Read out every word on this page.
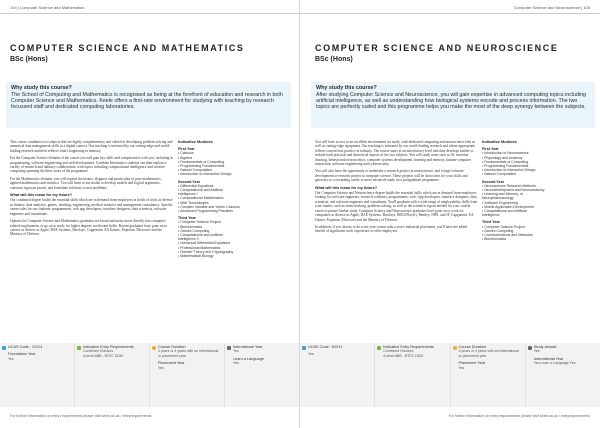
104 | Computer Science and Mathematics
COMPUTER SCIENCE AND MATHEMATICS
BSc (Hons)
Why study this course?
The School of Computing and Mathematics is recognised as being at the forefront of education and research in both Computer Science and Mathematics. Keele offers a first-rate environment for studying with teaching by research focussed staff and dedicated computing laboratories.

This course combines two subjects that are highly complementary and valued at developing problem solving and numerical data management skills in a digital context. Our teaching is informed by our cutting-edge and world-leading research and their reflects what's happening in industry.

For the Computer Science element of the course you will gain key skills and competencies with you, including in programming, software engineering and web development. Combine Informatics students can then explore a variety of research and industry collaboration, with topics including computational intelligence and creative computing spanning the three years of the programme.

For the Mathematics element, you will explore the beauty, elegance and practicality of pure mathematics, applied mathematics and statistics. You will learn to use maths to develop models and logical arguments, construct rigorous proofs, and formulate solutions to new problems.

What will this mean for my future?

Our combined degree builds the essential skills which are in demand from employers in fields of work as diverse as finance, data analytics, games, teaching, engineering, medical statistics and management consultancy. Specific career roles for our students: programmers, web app developers, interface designers, data scientists, software engineers and consultants.

Options for Computer Science and Mathematics graduates are broad and many move directly into computer-related employment, or go on to study for higher degrees in relevant fields. Recent graduates have gone on to careers as diverse as Apple, BAE Systems, Barclays, Capgemini, EA Games, Experian, Microsoft and the Ministry of Defence.

Indicative Modules
First Year
• Calculus
• Algebra
• Fundamentals of Computing
• Programming Fundamentals
• Natural Computation
• Introduction to Interaction Design
Second Year
• Differential Equations
• Computational and Artificial
Intelligence I
• Computational Mathematics
• Web Technologies
• Complex Variable and Vector Calculus
• Advanced Programming Practices
Third Year
• Computer Science Project
• Bioinformatics
• Games Computing
• Computational and Artificial
Intelligence II
• Numerical Differential Equations
• Professional Mathematics
• Number Theory and Cryptography
• Mathematical Biology
UCAS Code - GG14
Foundation Year
Yes
Indicative Entry Requirements
Combined Honours
A-level ABB - BTEC DDM
Course Duration
3 years or 4 years with an International or placement year
Placement Year
Yes
International Year
Yes
Learn a Language
Yes
For further information on entry requirements please visit keele.ac.uk / entryrequirements
Computer Science and Neuroscience | 105
COMPUTER SCIENCE AND NEUROSCIENCE
BSc (Hons)
Why study this course?
After studying Computer Science and Neuroscience, you will gain expertise in advanced computing topics including artificial intelligence, as well as understanding how biological systems encode and process information. The two topics are perfectly suited and this programme helps you make the most of the deep synergy between the subjects.

You will have access to an excellent environment for study, with dedicated computing and neuroscience labs as well as cutting-edge equipment. Our teaching is informed by our world-leading research and where appropriate reflects current best practice in industry. The course starts at an introductory level and then develops further to include both practical and theoretical aspects of the two subjects. You will study areas such as AI, machine learning, behavioural neuroscience, computer systems development, learning and memory, human-computer interaction, software engineering and cybersecurity.

You will also have the opportunity to undertake a research project in neuroscience, and a large software development or research project in computer science. These projects will be showcases for your skills and gateways to a rewarding career or more advanced study on a postgraduate programme.

What will this mean for my future?

Our Computer Science and Neuroscience degree builds the essential skills which are in demand from employers looking for software engineers, research scientists, programmers, web / app developers, interface designers, data scientists, and software engineers and consultants. You'll graduate with a wide range of employability skills from your studies, such as team-working, problem solving, as well as the scientific rigour needed for your careful career to pursue further study. Computer Science and Neuroscience graduates have gone on to work for companies as diverse as Apple, BAE Systems, Barclays, BBC(iPlayer), Bentley, NHS, and IT, Capgemini, EA Games, Experian, Microsoft and the Ministry of Defence.

In addition, if you choose to do a one year course with a year's industrial placement, you'll have the added benefit of significant work experience to offer employers.

Indicative Modules
First Year
• Introduction to Neuroscience
• Physiology and Anatomy
• Fundamentals of Computing
• Programming Fundamentals
• Introduction to Interaction Design
• Natural Computation
Second Year
• Neuroscience Research Methods
• Neurodevelopment and Neuroanatomy
• Learning and Memory, or
Neuropharmacology
• Software Engineering
• Mobile Application Development
• Computational and Artificial
Intelligence
Third Year
• Computer Science Project
• Games Computing
• Communications and Networks
• Bioinformatics
UCAS Code - BCH1
Yes
Indicative Entry Requirements
Combined Honours
A-level ABB - BTEC DDM
Course Duration
3 years or 4 years with an International or placement year
Placement Year
Yes
Study abroad
Yes
International Year
Yes Learn a Language Yes
For further information on entry requirements please visit keele.ac.uk / entryrequirements
